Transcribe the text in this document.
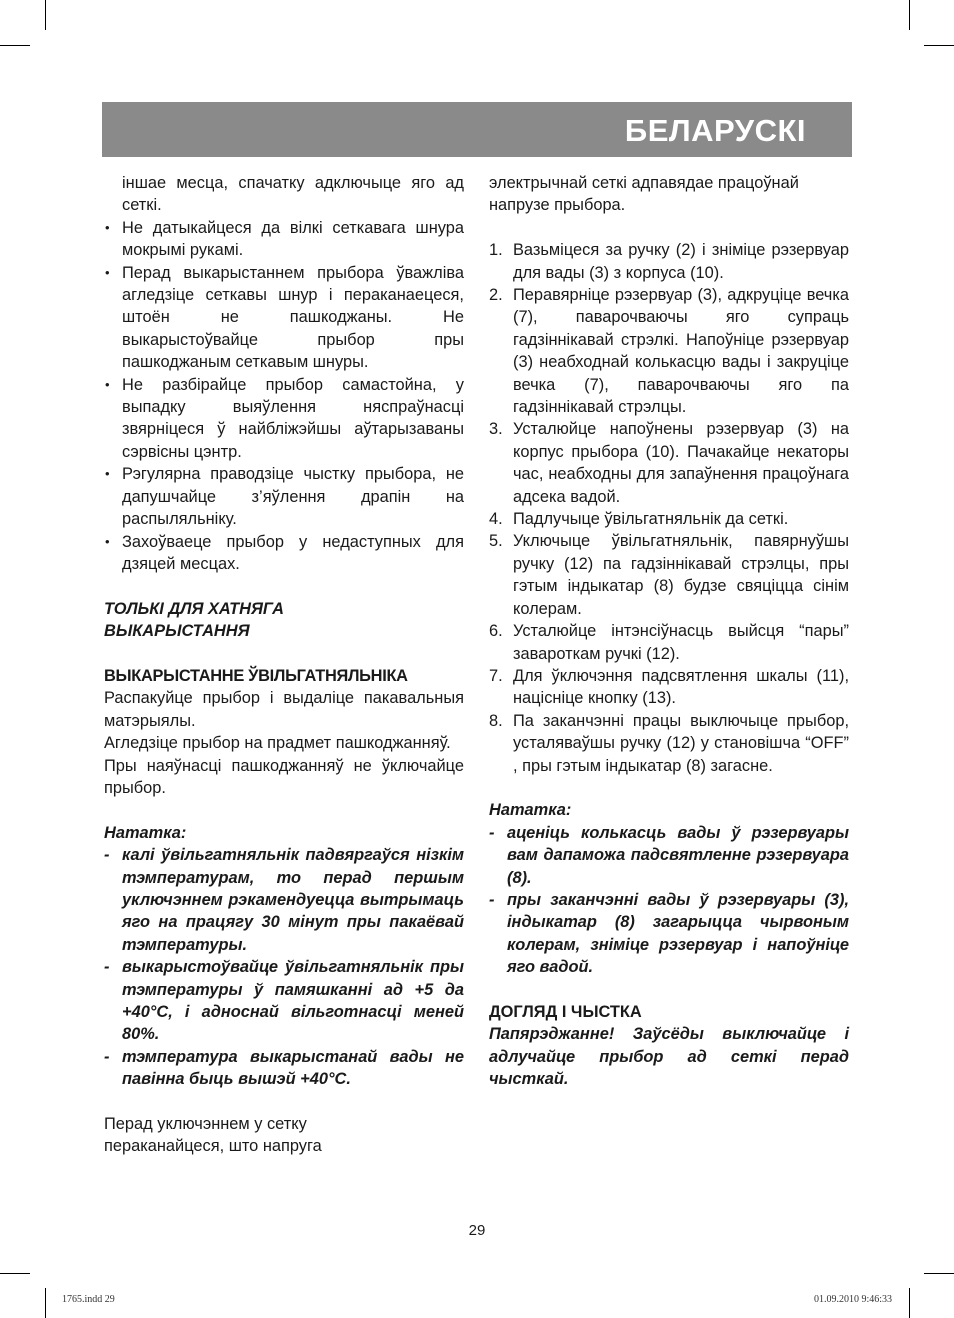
БЕЛАРУСКІ

іншае месца, спачатку адключыце яго ад сеткі.

• Не датыкайцеся да вілкі сеткавага шнура мокрымі рукамі.
• Перад выкарыстаннем прыбора ўважліва агледзіце сеткавы шнур і пераканаецеся, штоён не пашкоджаны. Не выкарыстоўвайце прыбор пры пашкоджаным сеткавым шнуры.
• Не разбірайце прыбор самастойна, у выпадку выяўлення няспраўнасці звярніцеся ў найбліжэйшы аўтарызаваны сэрвісны цэнтр.
• Рэгулярна праводзіце чыстку прыбора, не дапушчайце з’яўлення драпін на распыляльніку.
• Захоўваеце прыбор у недаступных для дзяцей месцах.

ТОЛЬКІ ДЛЯ ХАТНЯГА ВЫКАРЫСТАННЯ

ВЫКАРЫСТАННЕ ЎВІЛЬГАТНЯЛЬНІКА

Распакуйце прыбор і выдаліце пакавальныя матэрыялы.

Агледзіце прыбор на прадмет пашкоджанняў.

Пры наяўнасці пашкоджанняў не ўключайце прыбор.

Нататка:

- калі ўвільгатняльнік падвяргаўся нізкім тэмпературам, то перад першым уключэннем рэкамендуецца вытрымаць яго на працягу 30 мінут пры пакаёвай тэмпературы.
- выкарыстоўвайце ўвільгатняльнік пры тэмпературы ў памяшканні ад +5 да +40°C, і адноснай вільготнасці меней 80%.
- тэмпература выкарыстанай вады не павінна быць вышэй +40°C.

Перад уключэннем у сетку пераканайцеся, што напруга

электрычнай сеткі адпавядае працоўнай напрузе прыбора.

1. Вазьміцеся за ручку (2) і зніміце рэзервуар для вады (3) з корпуса (10).
2. Перавярніце рэзервуар (3), адкруціце вечка (7), паварочваючы яго супраць гадзіннікавай стрэлкі. Напоўніце рэзервуар (3) неабходнай колькасцю вады і закруціце вечка (7), паварочваючы яго па гадзіннікавай стрэлцы.
3. Усталюйце напоўнены рэзервуар (3) на корпус прыбора (10). Пачакайце некаторы час, неабходны для запаўнення працоўнага адсека вадой.
4. Падлучыце ўвільгатняльнік да сеткі.
5. Уключыце ўвільгатняльнік, павярнуўшы ручку (12) па гадзіннікавай стрэлцы, пры гэтым індыкатар (8) будзе свяціцца сінім колерам.
6. Усталюйце інтэнсіўнасць выйсця “пары” завароткам ручкі (12).
7. Для ўключэння падсвятлення шкалы (11), націсніце кнопку (13).
8. Па заканчэнні працы выключыце прыбор, усталяваўшы ручку (12) у становішча “OFF” , пры гэтым індыкатар (8) загасне.

Нататка:

- аценіць колькасць вады ў рэзервуары вам дапаможа падсвятленне рэзервуара (8).
- пры заканчэнні вады ў рэзервуары (3), індыкатар (8) загарыцца чырвоным колерам, зніміце рэзервуар і напоўніце яго вадой.

ДОГЛЯД І ЧЫСТКА

Папярэджанне! Заўсёды выключайце і адлучайце прыбор ад сеткі перад чысткай.

29
1765.indd 29	01.09.2010 9:46:33
